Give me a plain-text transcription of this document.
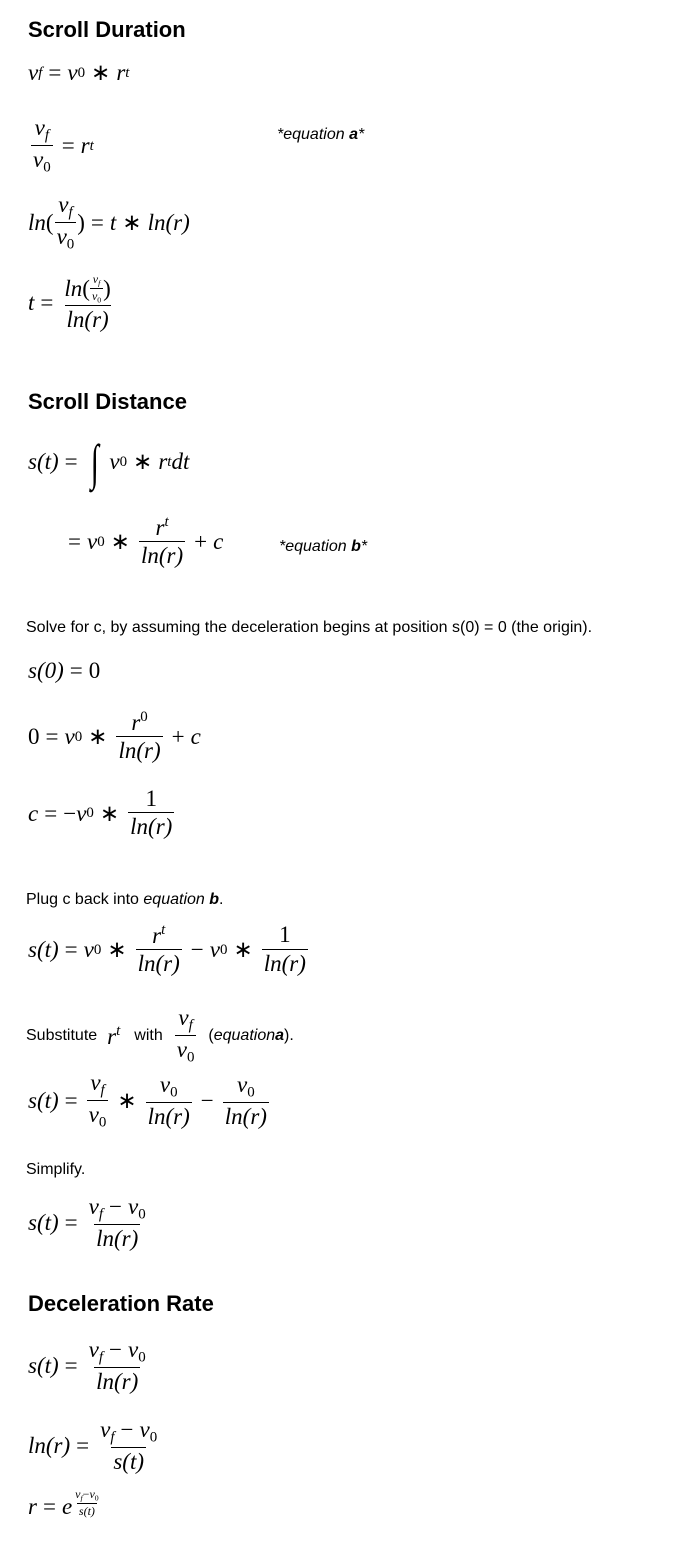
Scroll Duration
v f = v 0 ∗ r t
$\frac{v_f}{v_0} = r$ t
*equation a*
ln ( $\frac{v_f}{v_0}$ ) = t ∗ ln(r)
$t = \frac{\ln ( \frac{v_f}{v_0} )}{\ln(r)}$
Scroll Distance
s(t) = ∫ v 0 ∗ r t dt
= v 0 ∗ $\frac{r^t}{\ln(r)} + c$	*equation b*
Solve for c, by assuming the deceleration begins at position s(0) = 0 (the origin).
s(0) = 0
0 = v 0 ∗ $\frac{r^0}{\ln(r)} + c$
c = − v 0 ∗ $\frac{1}{\ln(r)}$
Plug c back into equation b.
s(t) = v 0 ∗ $\frac{r^t}{\ln(r)} - v$ 0 ∗ $\frac{1}{\ln(r)}$
Substitute $r^t$ with $\frac{v_f}{v_0}$ ( equation a ).
$s(t) = \frac{v_f}{v_0}$ ∗ $\frac{v_0}{\ln(r)} - \frac{v_0}{\ln(r)}$
Simplify.
$s(t) = \frac{v_f - v_0}{\ln(r)}$
Deceleration Rate
$s(t) = \frac{v_f - v_0}{\ln(r)}$
$\ln(r) = \frac{v_f - v_0}{s(t)}$
r = e $\frac{v_f-v_0}{s(t)}$
